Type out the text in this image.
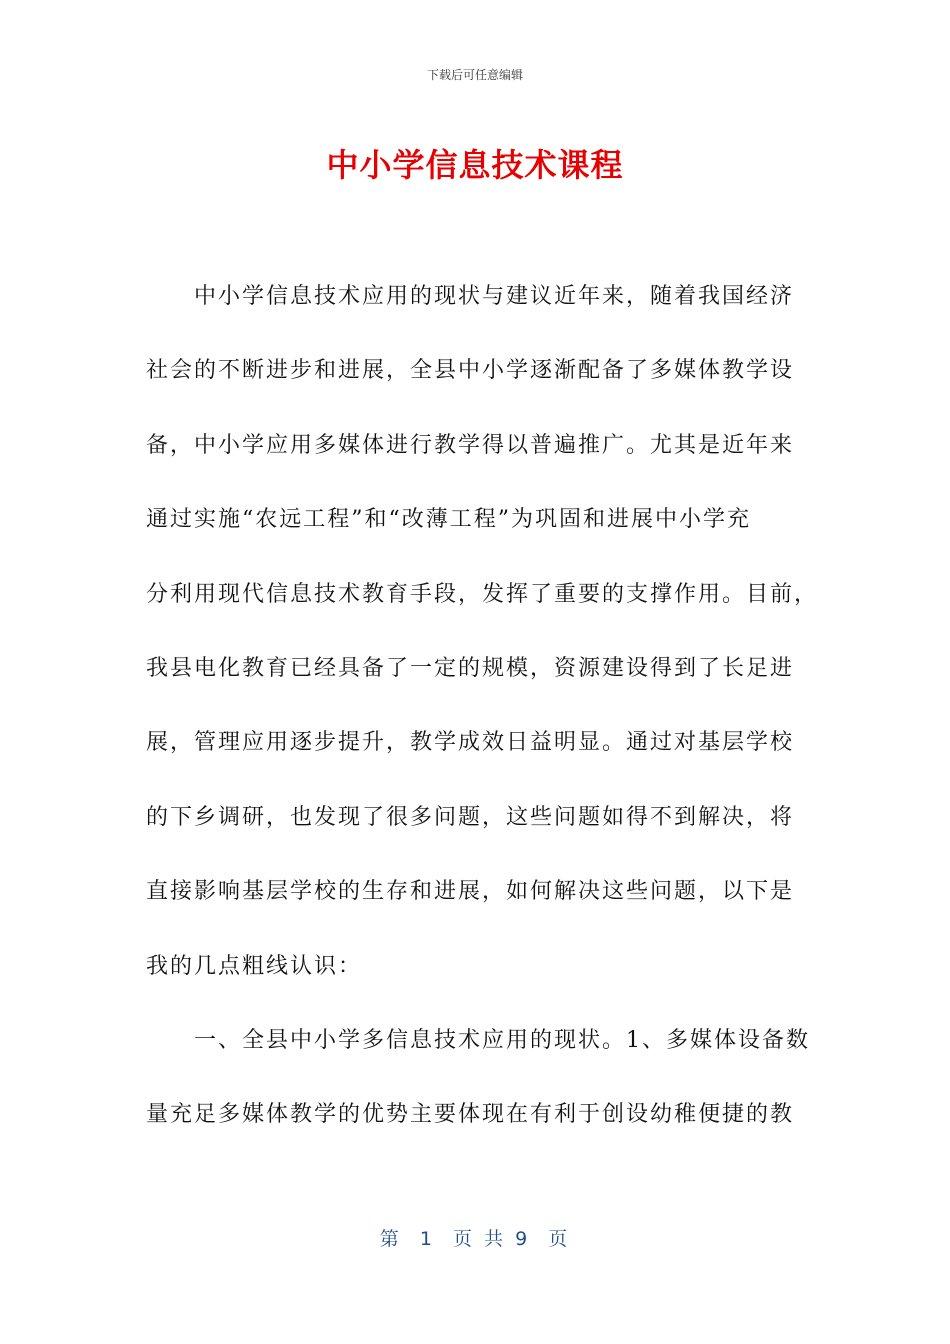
下载后可任意编辑
中小学信息技术课程
中小学信息技术应用的现状与建议近年来，随着我国经济
社会的不断进步和进展，全县中小学逐渐配备了多媒体教学设
备，中小学应用多媒体进行教学得以普遍推广。尤其是近年来
通过实施“农远工程”和“改薄工程”为巩固和进展中小学充
分利用现代信息技术教育手段，发挥了重要的支撑作用。目前，
我县电化教育已经具备了一定的规模，资源建设得到了长足进
展，管理应用逐步提升，教学成效日益明显。通过对基层学校
的下乡调研，也发现了很多问题，这些问题如得不到解决，将
直接影响基层学校的生存和进展，如何解决这些问题，以下是
我的几点粗线认识：
一、全县中小学多信息技术应用的现状。1、多媒体设备数
量充足多媒体教学的优势主要体现在有利于创设幼稚便捷的教
第  1  页 共 9  页
